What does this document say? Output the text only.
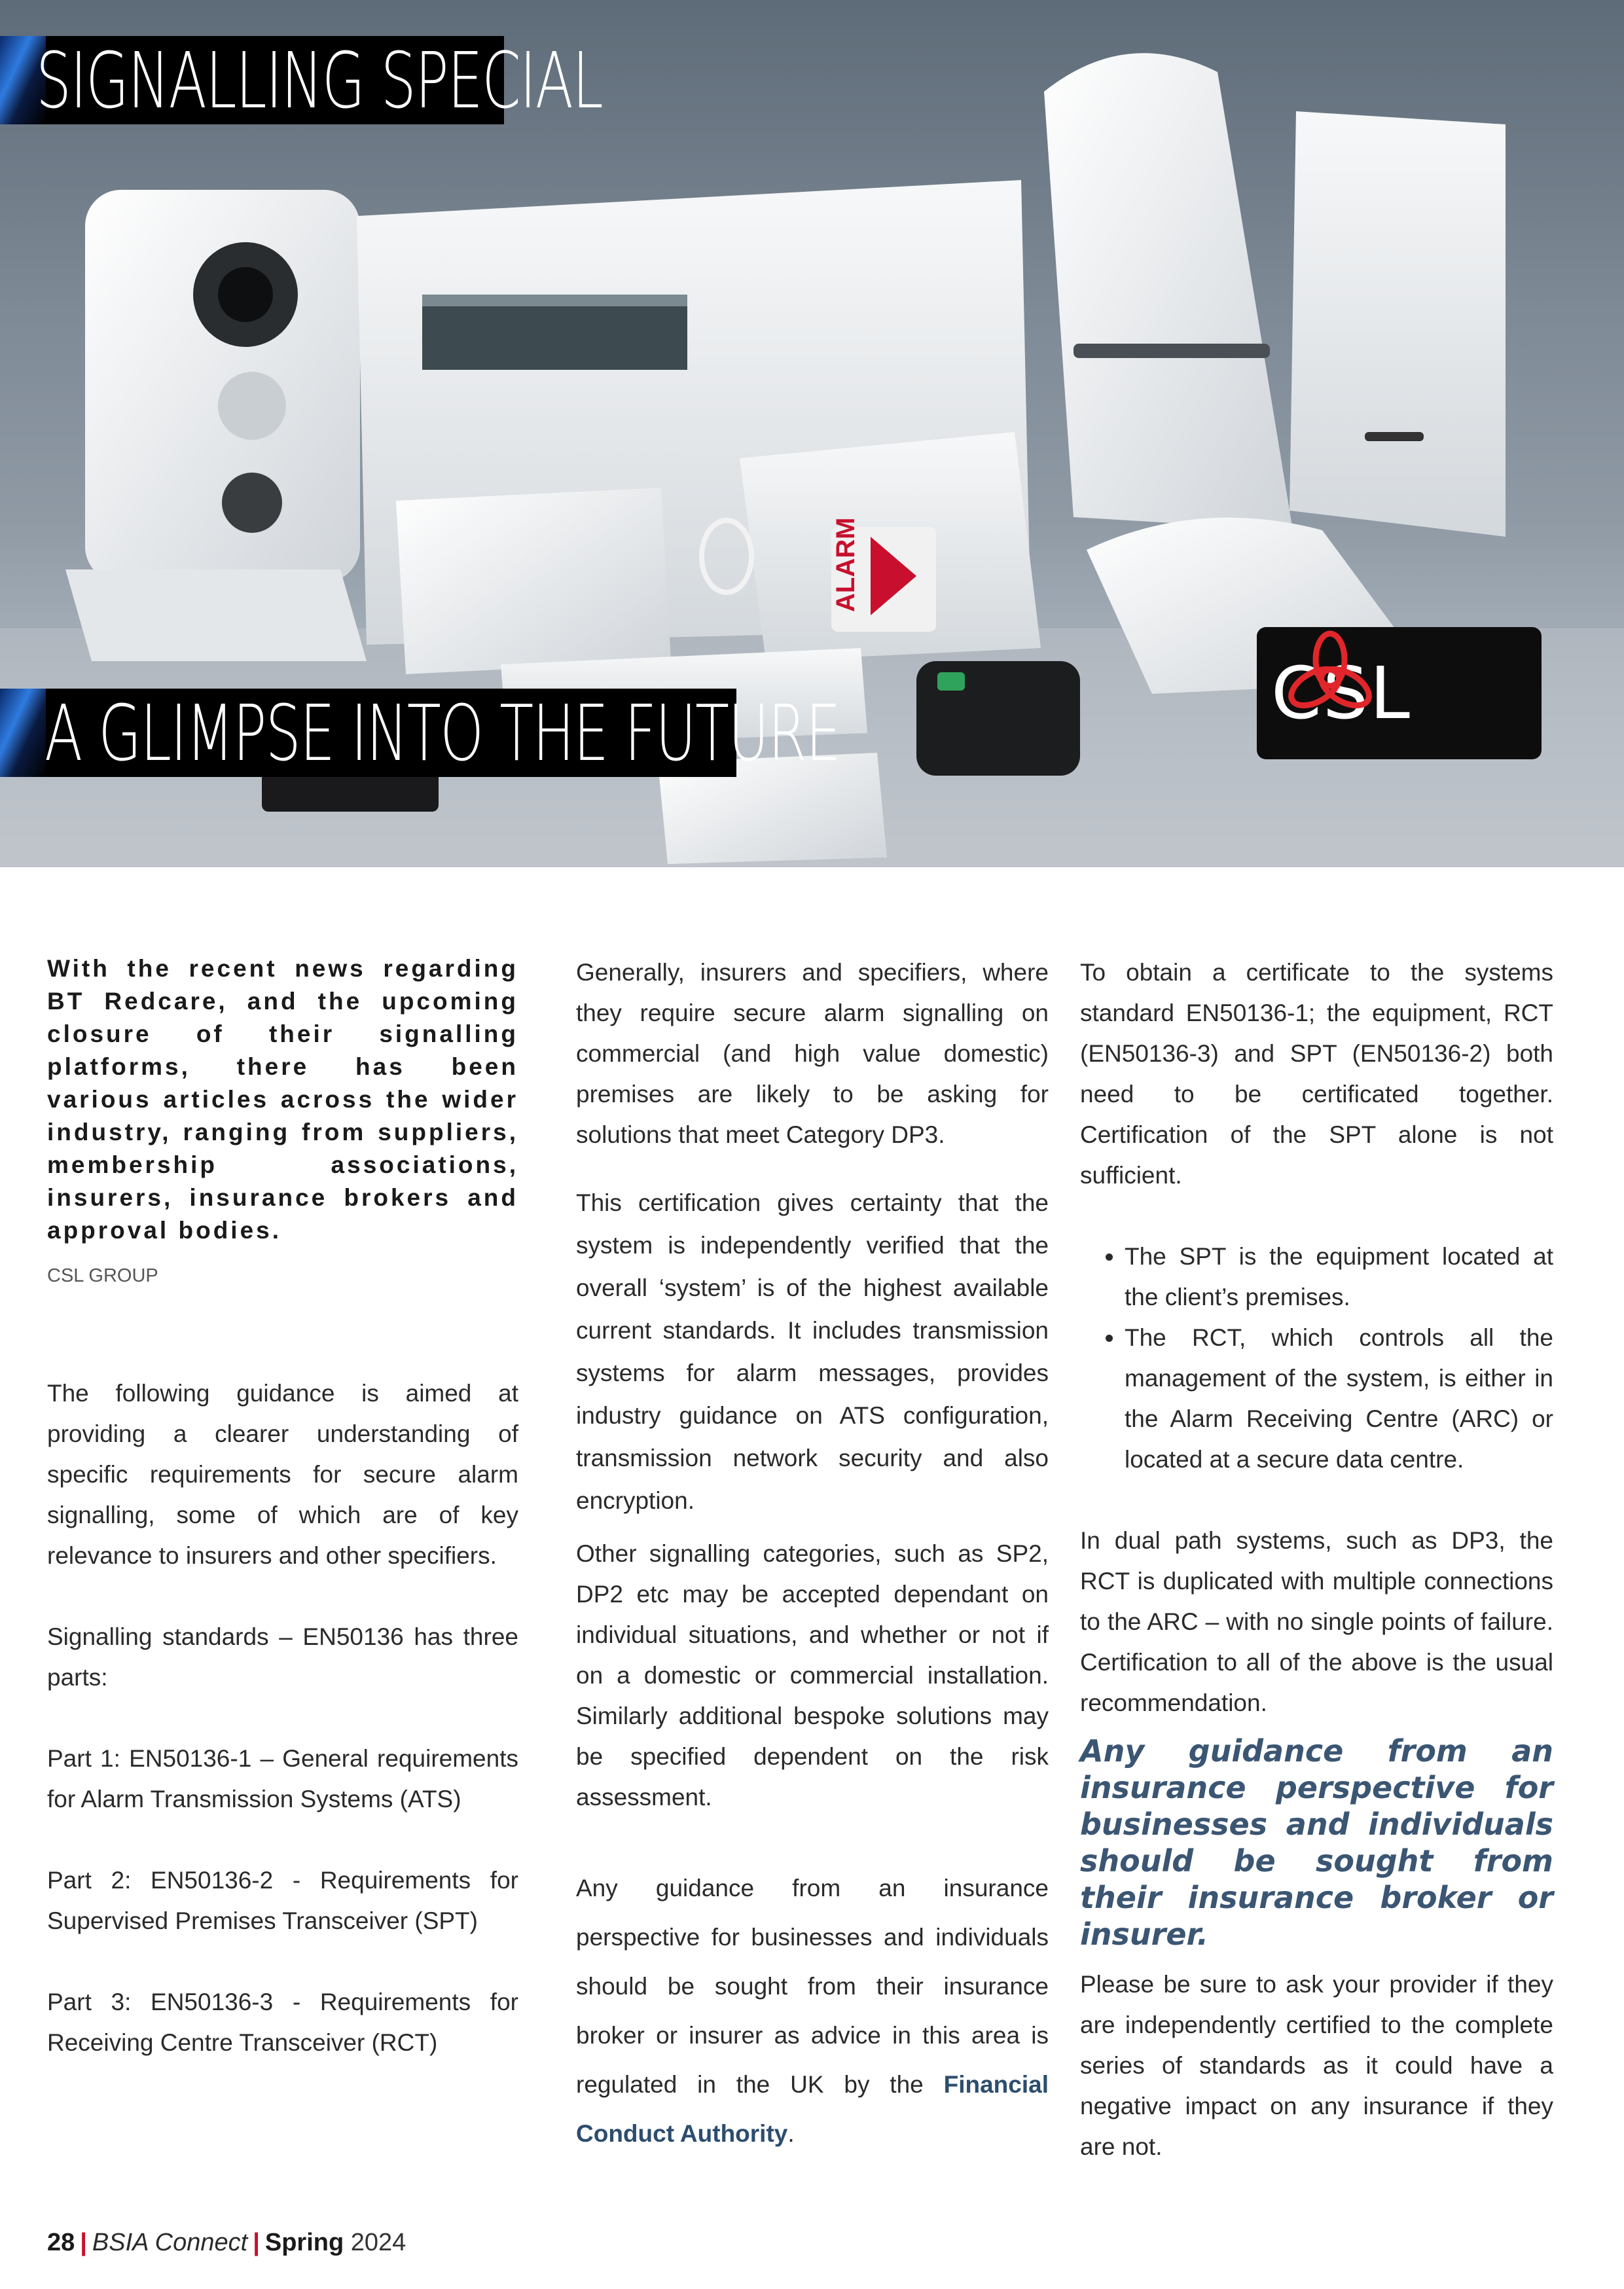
ALARM
SIGNALLING SPECIAL
A GLIMPSE INTO THE FUTURE	CSL

With the recent news regarding BT Redcare, and the upcoming closure of their signalling platforms, there has been various articles across the wider industry, ranging from suppliers, membership associations, insurers, insurance brokers and approval bodies.

CSL GROUP

The following guidance is aimed at providing a clearer understanding of specific requirements for secure alarm signalling, some of which are of key relevance to insurers and other specifiers.

Signalling standards – EN50136 has three parts:

Part 1: EN50136-1 – General requirements for Alarm Transmission Systems (ATS)

Part 2: EN50136-2 - Requirements for Supervised Premises Transceiver (SPT)

Part 3: EN50136-3 - Requirements for Receiving Centre Transceiver (RCT)

Generally, insurers and specifiers, where they require secure alarm signalling on commercial (and high value domestic) premises are likely to be asking for solutions that meet Category DP3.

This certification gives certainty that the system is independently verified that the overall ‘system’ is of the highest available current standards. It includes transmission systems for alarm messages, provides industry guidance on ATS configuration, transmission network security and also encryption.

Other signalling categories, such as SP2, DP2 etc may be accepted dependant on individual situations, and whether or not if on a domestic or commercial installation. Similarly additional bespoke solutions may be specified dependent on the risk assessment.

Any guidance from an insurance perspective for businesses and individuals should be sought from their insurance broker or insurer as advice in this area is regulated in the UK by the Financial Conduct Authority.

To obtain a certificate to the systems standard EN50136-1; the equipment, RCT (EN50136-3) and SPT (EN50136-2) both need to be certificated together. Certification of the SPT alone is not sufficient.

• The SPT is the equipment located at the client’s premises.
• The RCT, which controls all the management of the system, is either in the Alarm Receiving Centre (ARC) or located at a secure data centre.

In dual path systems, such as DP3, the RCT is duplicated with multiple connections to the ARC – with no single points of failure. Certification to all of the above is the usual recommendation.

Any guidance from an insurance perspective for businesses and individuals should be sought from their insurance broker or insurer.

Please be sure to ask your provider if they are independently certified to the complete series of standards as it could have a negative impact on any insurance if they are not.

28 | BSIA Connect | Spring 2024
